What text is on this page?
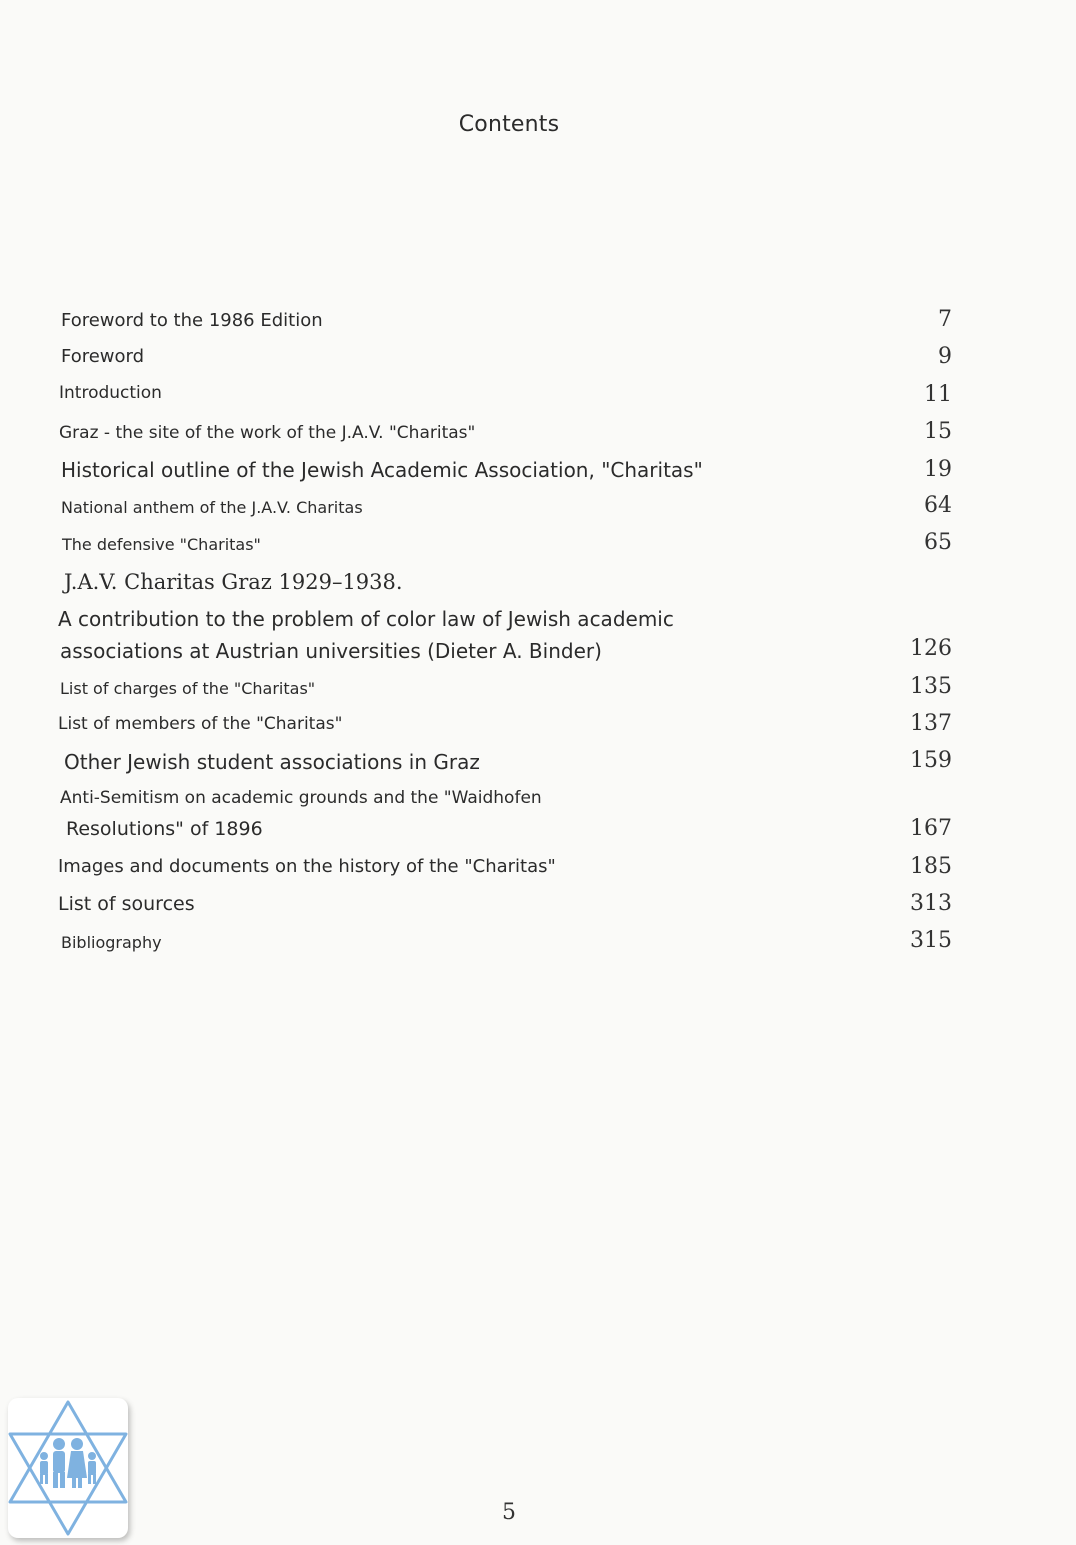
Contents
Foreword to the 1986 Edition	7
Foreword	9
Introduction	11
Graz - the site of the work of the J.A.V. "Charitas"	15
Historical outline of the Jewish Academic Association, "Charitas"	19
National anthem of the J.A.V. Charitas	64
The defensive "Charitas"	65
J.A.V. Charitas Graz 1929–1938.
A contribution to the problem of color law of Jewish academic
associations at Austrian universities (Dieter A. Binder)	126
List of charges of the "Charitas"	135
List of members of the "Charitas"	137
Other Jewish student associations in Graz	159
Anti-Semitism on academic grounds and the "Waidhofen
Resolutions" of 1896	167
Images and documents on the history of the "Charitas"	185
List of sources	313
Bibliography	315
5
